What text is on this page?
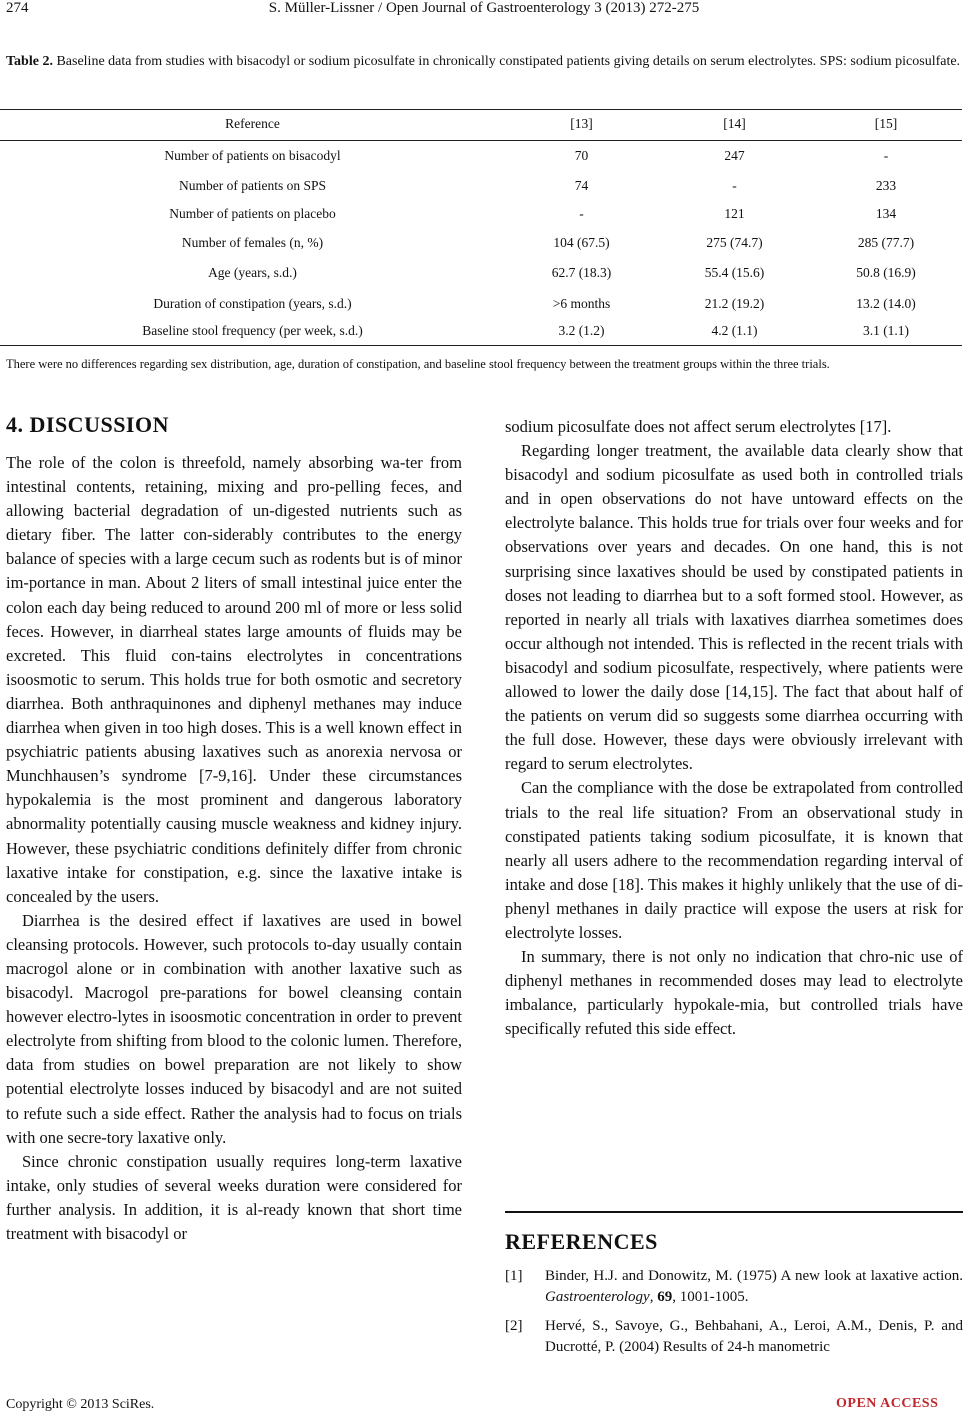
S. Müller-Lissner / Open Journal of Gastroenterology 3 (2013) 272-275
274
Table 2. Baseline data from studies with bisacodyl or sodium picosulfate in chronically constipated patients giving details on serum electrolytes. SPS: sodium picosulfate.
Reference	[13]	[14]	[15]
Number of patients on bisacodyl	70	247	-
Number of patients on SPS	74	-	233
Number of patients on placebo	-	121	134
Number of females (n, %)	104 (67.5)	275 (74.7)	285 (77.7)
Age (years, s.d.)	62.7 (18.3)	55.4 (15.6)	50.8 (16.9)
Duration of constipation (years, s.d.)	>6 months	21.2 (19.2)	13.2 (14.0)
Baseline stool frequency (per week, s.d.)	3.2 (1.2)	4.2 (1.1)	3.1 (1.1)
There were no differences regarding sex distribution, age, duration of constipation, and baseline stool frequency between the treatment groups within the three trials.
4. DISCUSSION

The role of the colon is threefold, namely absorbing wa-ter from intestinal contents, retaining, mixing and pro-pelling feces, and allowing bacterial degradation of un-digested nutrients such as dietary fiber. The latter con-siderably contributes to the energy balance of species with a large cecum such as rodents but is of minor im-portance in man. About 2 liters of small intestinal juice enter the colon each day being reduced to around 200 ml of more or less solid feces. However, in diarrheal states large amounts of fluids may be excreted. This fluid con-tains electrolytes in concentrations isoosmotic to serum. This holds true for both osmotic and secretory diarrhea. Both anthraquinones and diphenyl methanes may induce diarrhea when given in too high doses. This is a well known effect in psychiatric patients abusing laxatives such as anorexia nervosa or Munchhausen’s syndrome [7-9,16]. Under these circumstances hypokalemia is the most prominent and dangerous laboratory abnormality potentially causing muscle weakness and kidney injury. However, these psychiatric conditions definitely differ from chronic laxative intake for constipation, e.g. since the laxative intake is concealed by the users.

Diarrhea is the desired effect if laxatives are used in bowel cleansing protocols. However, such protocols to-day usually contain macrogol alone or in combination with another laxative such as bisacodyl. Macrogol pre-parations for bowel cleansing contain however electro-lytes in isoosmotic concentration in order to prevent electrolyte from shifting from blood to the colonic lumen. Therefore, data from studies on bowel preparation are not likely to show potential electrolyte losses induced by bisacodyl and are not suited to refute such a side effect. Rather the analysis had to focus on trials with one secre-tory laxative only.

Since chronic constipation usually requires long-term laxative intake, only studies of several weeks duration were considered for further analysis. In addition, it is al-ready known that short time treatment with bisacodyl or

sodium picosulfate does not affect serum electrolytes [17].

Regarding longer treatment, the available data clearly show that bisacodyl and sodium picosulfate as used both in controlled trials and in open observations do not have untoward effects on the electrolyte balance. This holds true for trials over four weeks and for observations over years and decades. On one hand, this is not surprising since laxatives should be used by constipated patients in doses not leading to diarrhea but to a soft formed stool. However, as reported in nearly all trials with laxatives diarrhea sometimes does occur although not intended. This is reflected in the recent trials with bisacodyl and sodium picosulfate, respectively, where patients were allowed to lower the daily dose [14,15]. The fact that about half of the patients on verum did so suggests some diarrhea occurring with the full dose. However, these days were obviously irrelevant with regard to serum electrolytes.

Can the compliance with the dose be extrapolated from controlled trials to the real life situation? From an observational study in constipated patients taking sodium picosulfate, it is known that nearly all users adhere to the recommendation regarding interval of intake and dose [18]. This makes it highly unlikely that the use of di-phenyl methanes in daily practice will expose the users at risk for electrolyte losses.

In summary, there is not only no indication that chro-nic use of diphenyl methanes in recommended doses may lead to electrolyte imbalance, particularly hypokale-mia, but controlled trials have specifically refuted this side effect.

REFERENCES
[1] Binder, H.J. and Donowitz, M. (1975) A new look at laxative action. Gastroenterology, 69, 1001-1005.
[2] Hervé, S., Savoye, G., Behbahani, A., Leroi, A.M., Denis, P. and Ducrotté, P. (2004) Results of 24-h manometric
Copyright © 2013 SciRes.	OPEN ACCESS
